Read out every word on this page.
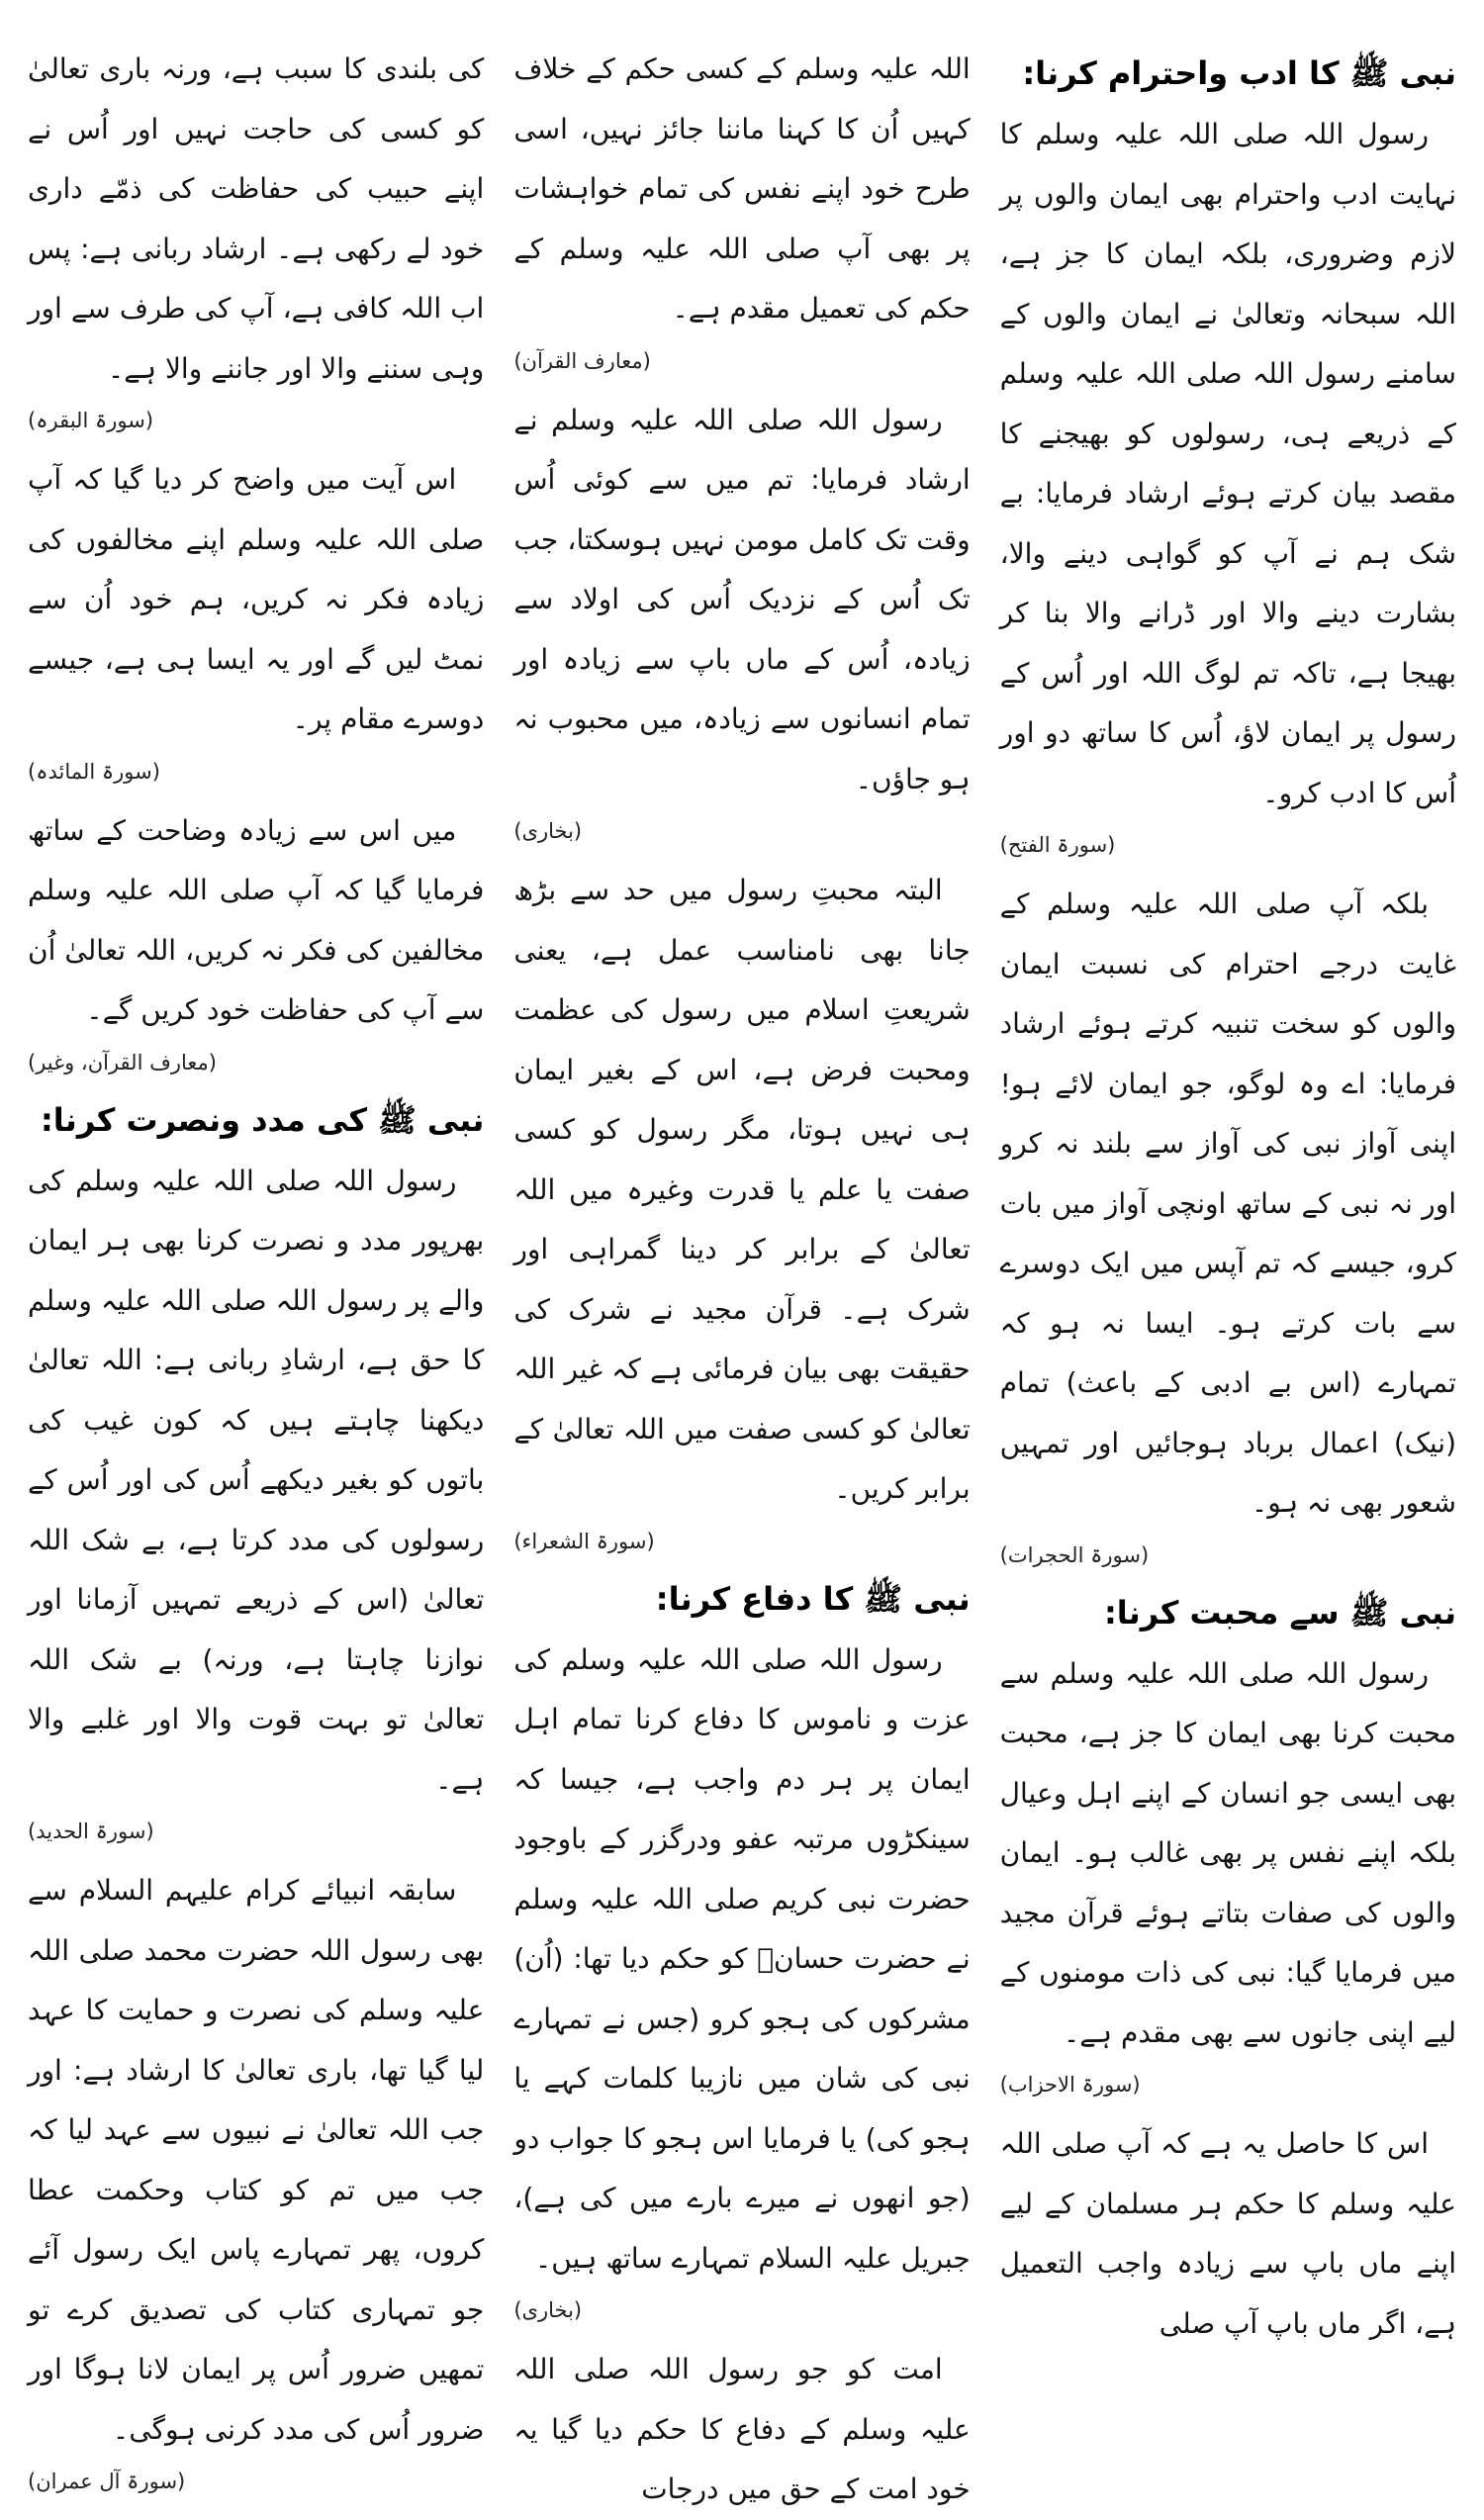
نبی ﷺ کا ادب واحترام کرنا:

رسول اللہ صلی اللہ علیہ وسلم کا نہایت ادب واحترام بھی ایمان والوں پر لازم وضروری، بلکہ ایمان کا جز ہے، اللہ سبحانہ وتعالیٰ نے ایمان والوں کے سامنے رسول اللہ صلی اللہ علیہ وسلم کے ذریعے ہی، رسولوں کو بھیجنے کا مقصد بیان کرتے ہوئے ارشاد فرمایا: بے شک ہم نے آپ کو گواہی دینے والا، بشارت دینے والا اور ڈرانے والا بنا کر بھیجا ہے، تاکہ تم لوگ اللہ اور اُس کے رسول پر ایمان لاؤ، اُس کا ساتھ دو اور اُس کا ادب کرو۔

(سورۃ الفتح)

بلکہ آپ صلی اللہ علیہ وسلم کے غایت درجے احترام کی نسبت ایمان والوں کو سخت تنبیہ کرتے ہوئے ارشاد فرمایا: اے وہ لوگو، جو ایمان لائے ہو! اپنی آواز نبی کی آواز سے بلند نہ کرو اور نہ نبی کے ساتھ اونچی آواز میں بات کرو، جیسے کہ تم آپس میں ایک دوسرے سے بات کرتے ہو۔ ایسا نہ ہو کہ تمہارے (اس بے ادبی کے باعث) تمام (نیک) اعمال برباد ہوجائیں اور تمہیں شعور بھی نہ ہو۔

(سورۃ الحجرات)
نبی ﷺ سے محبت کرنا:

رسول اللہ صلی اللہ علیہ وسلم سے محبت کرنا بھی ایمان کا جز ہے، محبت بھی ایسی جو انسان کے اپنے اہل وعیال بلکہ اپنے نفس پر بھی غالب ہو۔ ایمان والوں کی صفات بتاتے ہوئے قرآن مجید میں فرمایا گیا: نبی کی ذات مومنوں کے لیے اپنی جانوں سے بھی مقدم ہے۔

(سورۃ الاحزاب)

اس کا حاصل یہ ہے کہ آپ صلی اللہ علیہ وسلم کا حکم ہر مسلمان کے لیے اپنے ماں باپ سے زیادہ واجب التعمیل ہے، اگر ماں باپ آپ صلی

اللہ علیہ وسلم کے کسی حکم کے خلاف کہیں اُن کا کہنا ماننا جائز نہیں، اسی طرح خود اپنے نفس کی تمام خواہشات پر بھی آپ صلی اللہ علیہ وسلم کے حکم کی تعمیل مقدم ہے۔

(معارف القرآن)

رسول اللہ صلی اللہ علیہ وسلم نے ارشاد فرمایا: تم میں سے کوئی اُس وقت تک کامل مومن نہیں ہوسکتا، جب تک اُس کے نزدیک اُس کی اولاد سے زیادہ، اُس کے ماں باپ سے زیادہ اور تمام انسانوں سے زیادہ، میں محبوب نہ ہو جاؤں۔

(بخاری)

البتہ محبتِ رسول میں حد سے بڑھ جانا بھی نامناسب عمل ہے، یعنی شریعتِ اسلام میں رسول کی عظمت ومحبت فرض ہے، اس کے بغیر ایمان ہی نہیں ہوتا، مگر رسول کو کسی صفت یا علم یا قدرت وغیرہ میں اللہ تعالیٰ کے برابر کر دینا گمراہی اور شرک ہے۔ قرآن مجید نے شرک کی حقیقت بھی بیان فرمائی ہے کہ غیر اللہ تعالیٰ کو کسی صفت میں اللہ تعالیٰ کے برابر کریں۔

(سورۃ الشعراء)
نبی ﷺ کا دفاع کرنا:

رسول اللہ صلی اللہ علیہ وسلم کی عزت و ناموس کا دفاع کرنا تمام اہل ایمان پر ہر دم واجب ہے، جیسا کہ سینکڑوں مرتبہ عفو ودرگزر کے باوجود حضرت نبی کریم صلی اللہ علیہ وسلم نے حضرت حسانؓ کو حکم دیا تھا: (اُن) مشرکوں کی ہجو کرو (جس نے تمہارے نبی کی شان میں نازیبا کلمات کہے یا ہجو کی) یا فرمایا اس ہجو کا جواب دو (جو انھوں نے میرے بارے میں کی ہے)، جبریل علیہ السلام تمہارے ساتھ ہیں۔

(بخاری)

امت کو جو رسول اللہ صلی اللہ علیہ وسلم کے دفاع کا حکم دیا گیا یہ خود امت کے حق میں درجات

کی بلندی کا سبب ہے، ورنہ باری تعالیٰ کو کسی کی حاجت نہیں اور اُس نے اپنے حبیب کی حفاظت کی ذمّے داری خود لے رکھی ہے۔ ارشاد ربانی ہے: پس اب اللہ کافی ہے، آپ کی طرف سے اور وہی سننے والا اور جاننے والا ہے۔

(سورۃ البقرہ)

اس آیت میں واضح کر دیا گیا کہ آپ صلی اللہ علیہ وسلم اپنے مخالفوں کی زیادہ فکر نہ کریں، ہم خود اُن سے نمٹ لیں گے اور یہ ایسا ہی ہے، جیسے دوسرے مقام پر۔

(سورۃ المائدہ)

میں اس سے زیادہ وضاحت کے ساتھ فرمایا گیا کہ آپ صلی اللہ علیہ وسلم مخالفین کی فکر نہ کریں، اللہ تعالیٰ اُن سے آپ کی حفاظت خود کریں گے۔

(معارف القرآن، وغیر)
نبی ﷺ کی مدد ونصرت کرنا:

رسول اللہ صلی اللہ علیہ وسلم کی بھرپور مدد و نصرت کرنا بھی ہر ایمان والے پر رسول اللہ صلی اللہ علیہ وسلم کا حق ہے، ارشادِ ربانی ہے: اللہ تعالیٰ دیکھنا چاہتے ہیں کہ کون غیب کی باتوں کو بغیر دیکھے اُس کی اور اُس کے رسولوں کی مدد کرتا ہے، بے شک اللہ تعالیٰ (اس کے ذریعے تمہیں آزمانا اور نوازنا چاہتا ہے، ورنہ) بے شک اللہ تعالیٰ تو بہت قوت والا اور غلبے والا ہے۔

(سورۃ الحدید)

سابقہ انبیائے کرام علیہم السلام سے بھی رسول اللہ حضرت محمد صلی اللہ علیہ وسلم کی نصرت و حمایت کا عہد لیا گیا تھا، باری تعالیٰ کا ارشاد ہے: اور جب اللہ تعالیٰ نے نبیوں سے عہد لیا کہ جب میں تم کو کتاب وحکمت عطا کروں، پھر تمہارے پاس ایک رسول آئے جو تمہاری کتاب کی تصدیق کرے تو تمھیں ضرور اُس پر ایمان لانا ہوگا اور ضرور اُس کی مدد کرنی ہوگی۔

(سورۃ آل عمران)
